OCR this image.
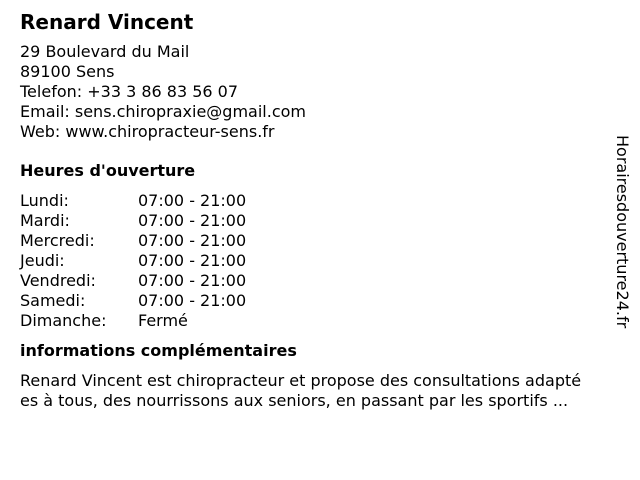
Renard Vincent
29 Boulevard du Mail
89100 Sens
Telefon: +33 3 86 83 56 07
Email: sens.chiropraxie@gmail.com
Web: www.chiropracteur-sens.fr
Heures d'ouverture
Lundi:	07:00 - 21:00
Mardi:	07:00 - 21:00
Mercredi:	07:00 - 21:00
Jeudi:	07:00 - 21:00
Vendredi:	07:00 - 21:00
Samedi:	07:00 - 21:00
Dimanche:	Fermé
informations complémentaires
Renard Vincent est chiropracteur et propose des consultations adapté
es à tous, des nourrissons aux seniors, en passant par les sportifs ...
Horairesdouverture24.fr
